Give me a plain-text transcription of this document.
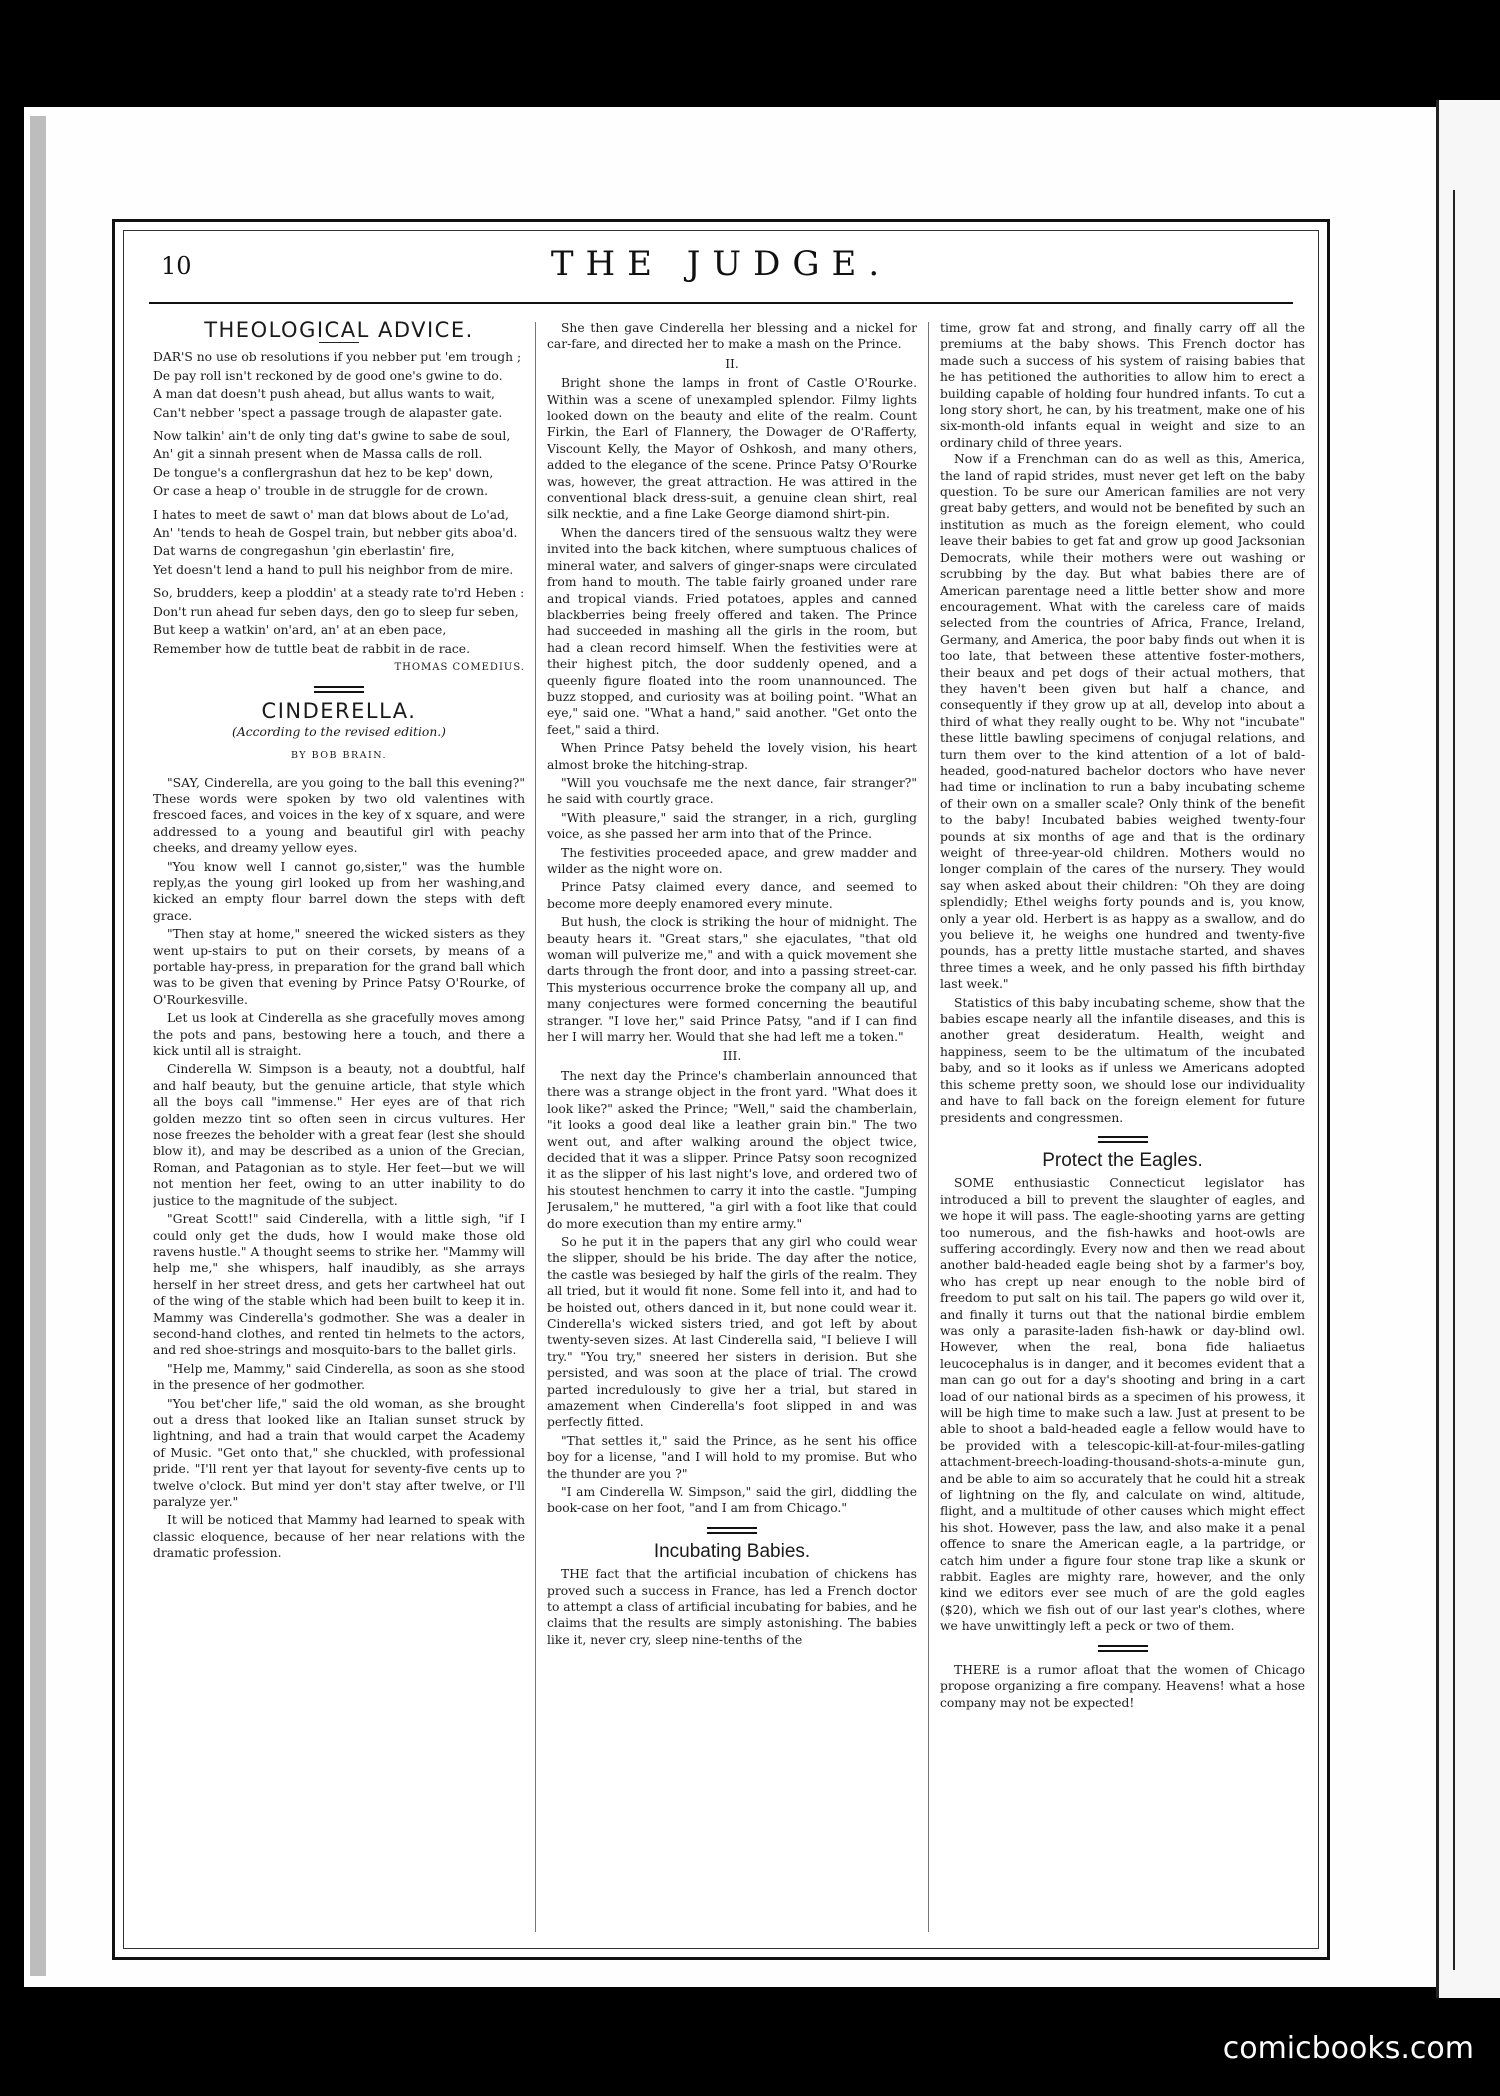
10	THE JUDGE.
THEOLOGICAL ADVICE.
DAR'S no use ob resolutions if you nebber put 'em trough ;
De pay roll isn't reckoned by de good one's gwine to do.
A man dat doesn't push ahead, but allus wants to wait,
Can't nebber 'spect a passage trough de alapaster gate.
Now talkin' ain't de only ting dat's gwine to sabe de soul,
An' git a sinnah present when de Massa calls de roll.
De tongue's a conflergrashun dat hez to be kep' down,
Or case a heap o' trouble in de struggle for de crown.
I hates to meet de sawt o' man dat blows about de Lo'ad,
An' 'tends to heah de Gospel train, but nebber gits aboa'd.
Dat warns de congregashun 'gin eberlastin' fire,
Yet doesn't lend a hand to pull his neighbor from de mire.
So, brudders, keep a ploddin' at a steady rate to'rd Heben :
Don't run ahead fur seben days, den go to sleep fur seben,
But keep a watkin' on'ard, an' at an eben pace,
Remember how de tuttle beat de rabbit in de race.
THOMAS COMEDIUS.
CINDERELLA.
(According to the revised edition.)
BY BOB BRAIN.

"SAY, Cinderella, are you going to the ball this evening?" These words were spoken by two old valentines with frescoed faces, and voices in the key of x square, and were addressed to a young and beautiful girl with peachy cheeks, and dreamy yellow eyes.

"You know well I cannot go,sister," was the humble reply,as the young girl looked up from her washing,and kicked an empty flour barrel down the steps with deft grace.

"Then stay at home," sneered the wicked sisters as they went up-stairs to put on their corsets, by means of a portable hay-press, in preparation for the grand ball which was to be given that evening by Prince Patsy O'Rourke, of O'Rourkesville.

Let us look at Cinderella as she gracefully moves among the pots and pans, bestowing here a touch, and there a kick until all is straight.

Cinderella W. Simpson is a beauty, not a doubtful, half and half beauty, but the genuine article, that style which all the boys call "immense." Her eyes are of that rich golden mezzo tint so often seen in circus vultures. Her nose freezes the beholder with a great fear (lest she should blow it), and may be described as a union of the Grecian, Roman, and Patagonian as to style. Her feet—but we will not mention her feet, owing to an utter inability to do justice to the magnitude of the subject.

"Great Scott!" said Cinderella, with a little sigh, "if I could only get the duds, how I would make those old ravens hustle." A thought seems to strike her. "Mammy will help me," she whispers, half inaudibly, as she arrays herself in her street dress, and gets her cartwheel hat out of the wing of the stable which had been built to keep it in. Mammy was Cinderella's godmother. She was a dealer in second-hand clothes, and rented tin helmets to the actors, and red shoe-strings and mosquito-bars to the ballet girls.

"Help me, Mammy," said Cinderella, as soon as she stood in the presence of her godmother.

"You bet'cher life," said the old woman, as she brought out a dress that looked like an Italian sunset struck by lightning, and had a train that would carpet the Academy of Music. "Get onto that," she chuckled, with professional pride. "I'll rent yer that layout for seventy-five cents up to twelve o'clock. But mind yer don't stay after twelve, or I'll paralyze yer."

It will be noticed that Mammy had learned to speak with classic eloquence, because of her near relations with the dramatic profession.

She then gave Cinderella her blessing and a nickel for car-fare, and directed her to make a mash on the Prince.

II.

Bright shone the lamps in front of Castle O'Rourke. Within was a scene of unexampled splendor. Filmy lights looked down on the beauty and elite of the realm. Count Firkin, the Earl of Flannery, the Dowager de O'Rafferty, Viscount Kelly, the Mayor of Oshkosh, and many others, added to the elegance of the scene. Prince Patsy O'Rourke was, however, the great attraction. He was attired in the conventional black dress-suit, a genuine clean shirt, real silk necktie, and a fine Lake George diamond shirt-pin.

When the dancers tired of the sensuous waltz they were invited into the back kitchen, where sumptuous chalices of mineral water, and salvers of ginger-snaps were circulated from hand to mouth. The table fairly groaned under rare and tropical viands. Fried potatoes, apples and canned blackberries being freely offered and taken. The Prince had succeeded in mashing all the girls in the room, but had a clean record himself. When the festivities were at their highest pitch, the door suddenly opened, and a queenly figure floated into the room unannounced. The buzz stopped, and curiosity was at boiling point. "What an eye," said one. "What a hand," said another. "Get onto the feet," said a third.

When Prince Patsy beheld the lovely vision, his heart almost broke the hitching-strap.

"Will you vouchsafe me the next dance, fair stranger?" he said with courtly grace.

"With pleasure," said the stranger, in a rich, gurgling voice, as she passed her arm into that of the Prince.

The festivities proceeded apace, and grew madder and wilder as the night wore on.

Prince Patsy claimed every dance, and seemed to become more deeply enamored every minute.

But hush, the clock is striking the hour of midnight. The beauty hears it. "Great stars," she ejaculates, "that old woman will pulverize me," and with a quick movement she darts through the front door, and into a passing street-car. This mysterious occurrence broke the company all up, and many conjectures were formed concerning the beautiful stranger. "I love her," said Prince Patsy, "and if I can find her I will marry her. Would that she had left me a token."

III.

The next day the Prince's chamberlain announced that there was a strange object in the front yard. "What does it look like?" asked the Prince; "Well," said the chamberlain, "it looks a good deal like a leather grain bin." The two went out, and after walking around the object twice, decided that it was a slipper. Prince Patsy soon recognized it as the slipper of his last night's love, and ordered two of his stoutest henchmen to carry it into the castle. "Jumping Jerusalem," he muttered, "a girl with a foot like that could do more execution than my entire army."

So he put it in the papers that any girl who could wear the slipper, should be his bride. The day after the notice, the castle was besieged by half the girls of the realm. They all tried, but it would fit none. Some fell into it, and had to be hoisted out, others danced in it, but none could wear it. Cinderella's wicked sisters tried, and got left by about twenty-seven sizes. At last Cinderella said, "I believe I will try." "You try," sneered her sisters in derision. But she persisted, and was soon at the place of trial. The crowd parted incredulously to give her a trial, but stared in amazement when Cinderella's foot slipped in and was perfectly fitted.

"That settles it," said the Prince, as he sent his office boy for a license, "and I will hold to my promise. But who the thunder are you ?"

"I am Cinderella W. Simpson," said the girl, diddling the book-case on her foot, "and I am from Chicago."

Incubating Babies.

THE fact that the artificial incubation of chickens has proved such a success in France, has led a French doctor to attempt a class of artificial incubating for babies, and he claims that the results are simply astonishing. The babies like it, never cry, sleep nine-tenths of the

time, grow fat and strong, and finally carry off all the premiums at the baby shows. This French doctor has made such a success of his system of raising babies that he has petitioned the authorities to allow him to erect a building capable of holding four hundred infants. To cut a long story short, he can, by his treatment, make one of his six-month-old infants equal in weight and size to an ordinary child of three years.

Now if a Frenchman can do as well as this, America, the land of rapid strides, must never get left on the baby question. To be sure our American families are not very great baby getters, and would not be benefited by such an institution as much as the foreign element, who could leave their babies to get fat and grow up good Jacksonian Democrats, while their mothers were out washing or scrubbing by the day. But what babies there are of American parentage need a little better show and more encouragement. What with the careless care of maids selected from the countries of Africa, France, Ireland, Germany, and America, the poor baby finds out when it is too late, that between these attentive foster-mothers, their beaux and pet dogs of their actual mothers, that they haven't been given but half a chance, and consequently if they grow up at all, develop into about a third of what they really ought to be. Why not "incubate" these little bawling specimens of conjugal relations, and turn them over to the kind attention of a lot of bald-headed, good-natured bachelor doctors who have never had time or inclination to run a baby incubating scheme of their own on a smaller scale? Only think of the benefit to the baby! Incubated babies weighed twenty-four pounds at six months of age and that is the ordinary weight of three-year-old children. Mothers would no longer complain of the cares of the nursery. They would say when asked about their children: "Oh they are doing splendidly; Ethel weighs forty pounds and is, you know, only a year old. Herbert is as happy as a swallow, and do you believe it, he weighs one hundred and twenty-five pounds, has a pretty little mustache started, and shaves three times a week, and he only passed his fifth birthday last week."

Statistics of this baby incubating scheme, show that the babies escape nearly all the infantile diseases, and this is another great desideratum. Health, weight and happiness, seem to be the ultimatum of the incubated baby, and so it looks as if unless we Americans adopted this scheme pretty soon, we should lose our individuality and have to fall back on the foreign element for future presidents and congressmen.

Protect the Eagles.

SOME enthusiastic Connecticut legislator has introduced a bill to prevent the slaughter of eagles, and we hope it will pass. The eagle-shooting yarns are getting too numerous, and the fish-hawks and hoot-owls are suffering accordingly. Every now and then we read about another bald-headed eagle being shot by a farmer's boy, who has crept up near enough to the noble bird of freedom to put salt on his tail. The papers go wild over it, and finally it turns out that the national birdie emblem was only a parasite-laden fish-hawk or day-blind owl. However, when the real, bona fide haliaetus leucocephalus is in danger, and it becomes evident that a man can go out for a day's shooting and bring in a cart load of our national birds as a specimen of his prowess, it will be high time to make such a law. Just at present to be able to shoot a bald-headed eagle a fellow would have to be provided with a telescopic-kill-at-four-miles-gatling attachment-breech-loading-thousand-shots-a-minute gun, and be able to aim so accurately that he could hit a streak of lightning on the fly, and calculate on wind, altitude, flight, and a multitude of other causes which might effect his shot. However, pass the law, and also make it a penal offence to snare the American eagle, a la partridge, or catch him under a figure four stone trap like a skunk or rabbit. Eagles are mighty rare, however, and the only kind we editors ever see much of are the gold eagles ($20), which we fish out of our last year's clothes, where we have unwittingly left a peck or two of them.

THERE is a rumor afloat that the women of Chicago propose organizing a fire company. Heavens! what a hose company may not be expected!

comicbooks.com
